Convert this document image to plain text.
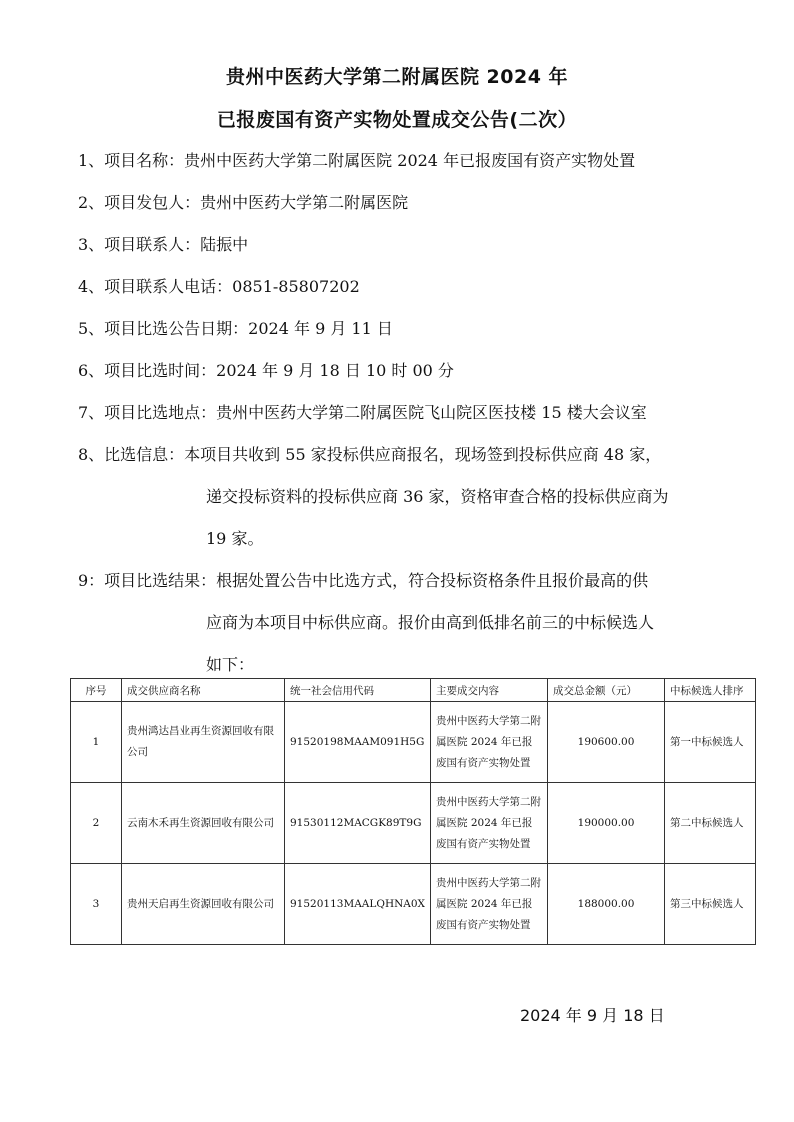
贵州中医药大学第二附属医院 2024 年
已报废国有资产实物处置成交公告(二次）
1、项目名称：贵州中医药大学第二附属医院 2024 年已报废国有资产实物处置
2、项目发包人：贵州中医药大学第二附属医院
3、项目联系人：陆振中
4、项目联系人电话：0851-85807202
5、项目比选公告日期：2024 年 9 月 11 日
6、项目比选时间：2024 年 9 月 18 日 10 时 00 分
7、项目比选地点：贵州中医药大学第二附属医院飞山院区医技楼 15 楼大会议室
8、比选信息：本项目共收到 55 家投标供应商报名，现场签到投标供应商 48 家，
递交投标资料的投标供应商 36 家，资格审查合格的投标供应商为
19 家。
9：项目比选结果：根据处置公告中比选方式，符合投标资格条件且报价最高的供
应商为本项目中标供应商。报价由高到低排名前三的中标候选人
如下：
序号	成交供应商名称	统一社会信用代码	主要成交内容	成交总金额（元）	中标候选人排序
1	贵州鸿达昌业再生资源回收有限公司	91520198MAAM091H5G	贵州中医药大学第二附属医院 2024 年已报废国有资产实物处置	190600.00	第一中标候选人
2	云南木禾再生资源回收有限公司	91530112MACGK89T9G	贵州中医药大学第二附属医院 2024 年已报废国有资产实物处置	190000.00	第二中标候选人
3	贵州天启再生资源回收有限公司	91520113MAALQHNA0X	贵州中医药大学第二附属医院 2024 年已报废国有资产实物处置	188000.00	第三中标候选人
2024 年 9 月 18 日
